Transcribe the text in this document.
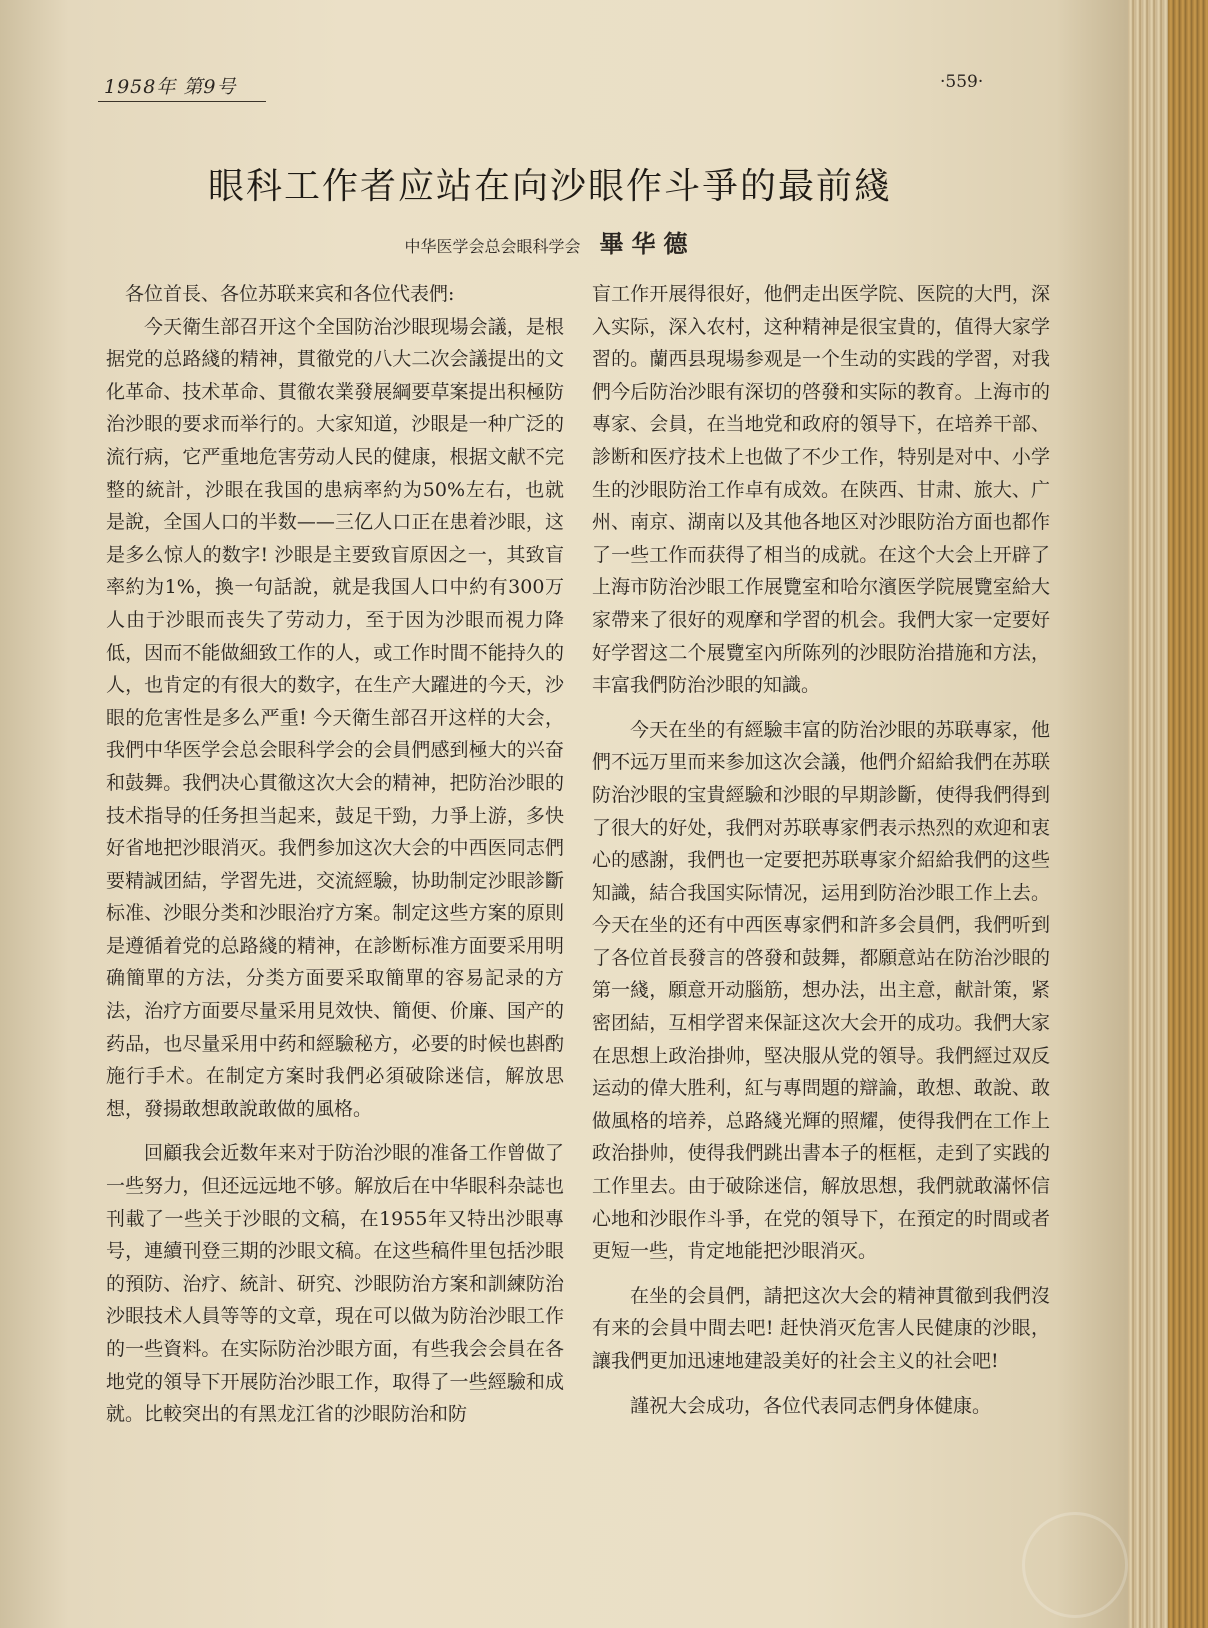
1958年 第9号	·559·
眼科工作者应站在向沙眼作斗爭的最前綫
中华医学会总会眼科学会 畢华德

各位首長、各位苏联来宾和各位代表們:

今天衛生部召开这个全国防治沙眼现場会議，是根据党的总路綫的精神，貫徹党的八大二次会議提出的文化革命、技术革命、貫徹农業發展綱要草案提出积極防治沙眼的要求而举行的。大家知道，沙眼是一种广泛的流行病，它严重地危害劳动人民的健康，根据文献不完整的統計，沙眼在我国的患病率約为50%左右，也就是說，全国人口的半数——三亿人口正在患着沙眼，这是多么惊人的数字! 沙眼是主要致盲原因之一，其致盲率約为1%，換一句話說，就是我国人口中約有300万人由于沙眼而丧失了劳动力，至于因为沙眼而視力降低，因而不能做細致工作的人，或工作时間不能持久的人，也肯定的有很大的数字，在生产大躍进的今天，沙眼的危害性是多么严重! 今天衛生部召开这样的大会，我們中华医学会总会眼科学会的会員們感到極大的兴奋和鼓舞。我們决心貫徹这次大会的精神，把防治沙眼的技术指导的任务担当起来，鼓足干勁，力爭上游，多快好省地把沙眼消灭。我們参加这次大会的中西医同志們要精誠团結，学習先进，交流經驗，协助制定沙眼診斷标准、沙眼分类和沙眼治疗方案。制定这些方案的原則是遵循着党的总路綫的精神，在診断标准方面要采用明确簡單的方法，分类方面要采取簡單的容易記录的方法，治疗方面要尽量采用見效快、簡便、价廉、国产的药品，也尽量采用中药和經驗秘方，必要的时候也斟酌施行手术。在制定方案时我們必須破除迷信，解放思想，發揚敢想敢說敢做的風格。

回顧我会近数年来对于防治沙眼的准备工作曾做了一些努力，但还远远地不够。解放后在中华眼科杂誌也刊載了一些关于沙眼的文稿，在1955年又特出沙眼專号，連續刊登三期的沙眼文稿。在这些稿件里包括沙眼的預防、治疗、統計、研究、沙眼防治方案和訓練防治沙眼技术人員等等的文章，現在可以做为防治沙眼工作的一些資料。在实际防治沙眼方面，有些我会会員在各地党的領导下开展防治沙眼工作，取得了一些經驗和成就。比較突出的有黑龙江省的沙眼防治和防

盲工作开展得很好，他們走出医学院、医院的大門，深入实际，深入农村，这种精神是很宝貴的，值得大家学習的。蘭西县現場参观是一个生动的实践的学習，对我們今后防治沙眼有深切的啓發和实际的教育。上海市的專家、会員，在当地党和政府的領导下，在培养干部、診断和医疗技术上也做了不少工作，特别是对中、小学生的沙眼防治工作卓有成效。在陕西、甘肃、旅大、广州、南京、湖南以及其他各地区对沙眼防治方面也都作了一些工作而获得了相当的成就。在这个大会上开辟了上海市防治沙眼工作展覽室和哈尔濱医学院展覽室給大家帶来了很好的观摩和学習的机会。我們大家一定要好好学習这二个展覽室內所陈列的沙眼防治措施和方法，丰富我們防治沙眼的知識。

今天在坐的有經驗丰富的防治沙眼的苏联專家，他們不远万里而来参加这次会議，他們介紹給我們在苏联防治沙眼的宝貴經驗和沙眼的早期診斷，使得我們得到了很大的好处，我們对苏联專家們表示热烈的欢迎和衷心的感謝，我們也一定要把苏联專家介紹給我們的这些知識，結合我国实际情况，运用到防治沙眼工作上去。今天在坐的还有中西医專家們和許多会員們，我們听到了各位首長發言的啓發和鼓舞，都願意站在防治沙眼的第一綫，願意开动腦筋，想办法，出主意，献計策，紧密团結，互相学習来保証这次大会开的成功。我們大家在思想上政治掛帅，堅决服从党的領导。我們經过双反运动的偉大胜利，紅与專問題的辯論，敢想、敢說、敢做風格的培养，总路綫光輝的照耀，使得我們在工作上政治掛帅，使得我們跳出書本子的框框，走到了实践的工作里去。由于破除迷信，解放思想，我們就敢滿怀信心地和沙眼作斗爭，在党的領导下，在預定的时間或者更短一些，肯定地能把沙眼消灭。

在坐的会員們，請把这次大会的精神貫徹到我們沒有来的会員中間去吧! 赶快消灭危害人民健康的沙眼，讓我們更加迅速地建設美好的社会主义的社会吧!

謹祝大会成功，各位代表同志們身体健康。
